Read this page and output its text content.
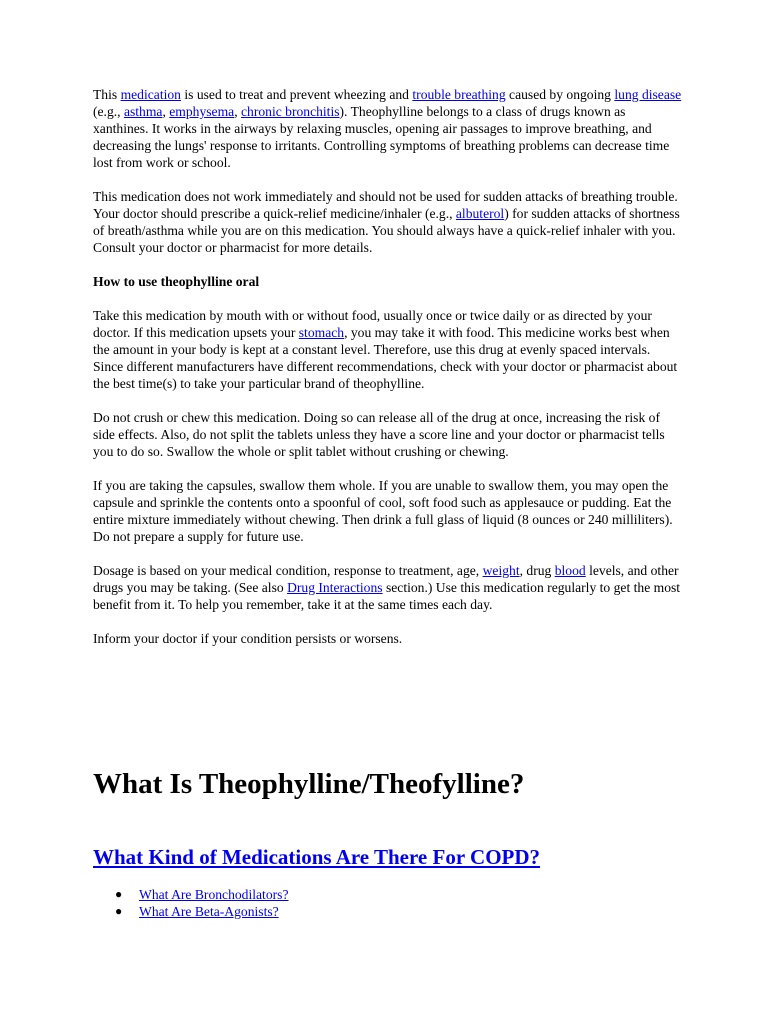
This medication is used to treat and prevent wheezing and trouble breathing caused by ongoing lung disease (e.g., asthma, emphysema, chronic bronchitis). Theophylline belongs to a class of drugs known as xanthines. It works in the airways by relaxing muscles, opening air passages to improve breathing, and decreasing the lungs' response to irritants. Controlling symptoms of breathing problems can decrease time lost from work or school.

This medication does not work immediately and should not be used for sudden attacks of breathing trouble. Your doctor should prescribe a quick-relief medicine/inhaler (e.g., albuterol) for sudden attacks of shortness of breath/asthma while you are on this medication. You should always have a quick-relief inhaler with you. Consult your doctor or pharmacist for more details.

How to use theophylline oral

Take this medication by mouth with or without food, usually once or twice daily or as directed by your doctor. If this medication upsets your stomach, you may take it with food. This medicine works best when the amount in your body is kept at a constant level. Therefore, use this drug at evenly spaced intervals. Since different manufacturers have different recommendations, check with your doctor or pharmacist about the best time(s) to take your particular brand of theophylline.

Do not crush or chew this medication. Doing so can release all of the drug at once, increasing the risk of side effects. Also, do not split the tablets unless they have a score line and your doctor or pharmacist tells you to do so. Swallow the whole or split tablet without crushing or chewing.

If you are taking the capsules, swallow them whole. If you are unable to swallow them, you may open the capsule and sprinkle the contents onto a spoonful of cool, soft food such as applesauce or pudding. Eat the entire mixture immediately without chewing. Then drink a full glass of liquid (8 ounces or 240 milliliters). Do not prepare a supply for future use.

Dosage is based on your medical condition, response to treatment, age, weight, drug blood levels, and other drugs you may be taking. (See also Drug Interactions section.) Use this medication regularly to get the most benefit from it. To help you remember, take it at the same times each day.

Inform your doctor if your condition persists or worsens.

What Is Theophylline/Theofylline?
What Kind of Medications Are There For COPD?
● What Are Bronchodilators?
● What Are Beta-Agonists?
